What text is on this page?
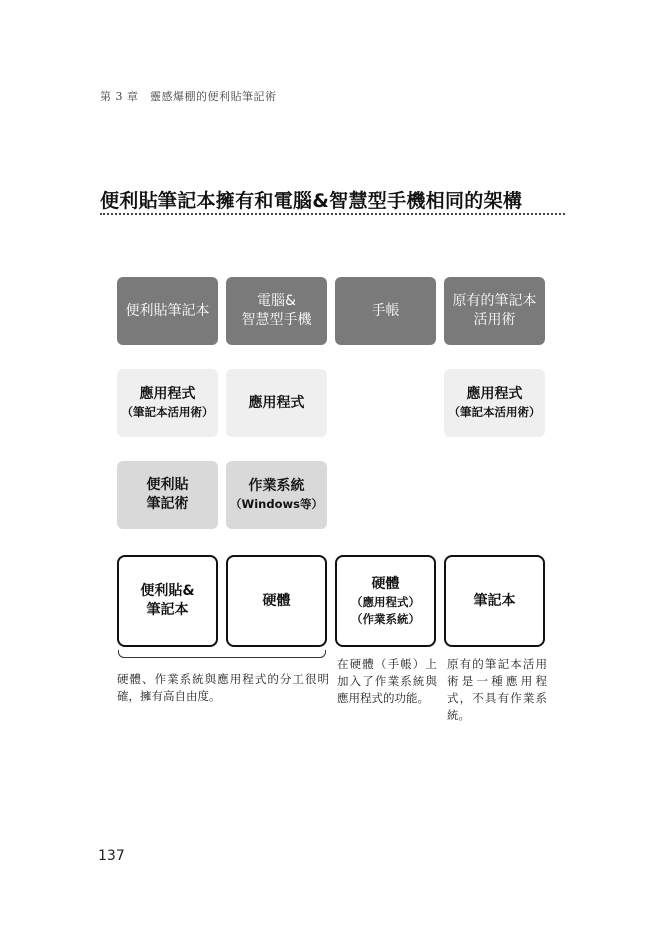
第 3 章　靈感爆棚的便利貼筆記術
便利貼筆記本擁有和電腦&智慧型手機相同的架構
便利貼筆記本
電腦&
智慧型手機
手帳
原有的筆記本
活用術
應用程式
（筆記本活用術）
應用程式
應用程式
（筆記本活用術）
便利貼
筆記術
作業系統
（Windows等）
便利貼&
筆記本
硬體
硬體
（應用程式）
（作業系統）
筆記本
硬體、作業系統與應用程式的分工很明確，擁有高自由度。
在硬體（手帳）上加入了作業系統與應用程式的功能。
原有的筆記本活用術是一種應用程式，不具有作業系統。
137
